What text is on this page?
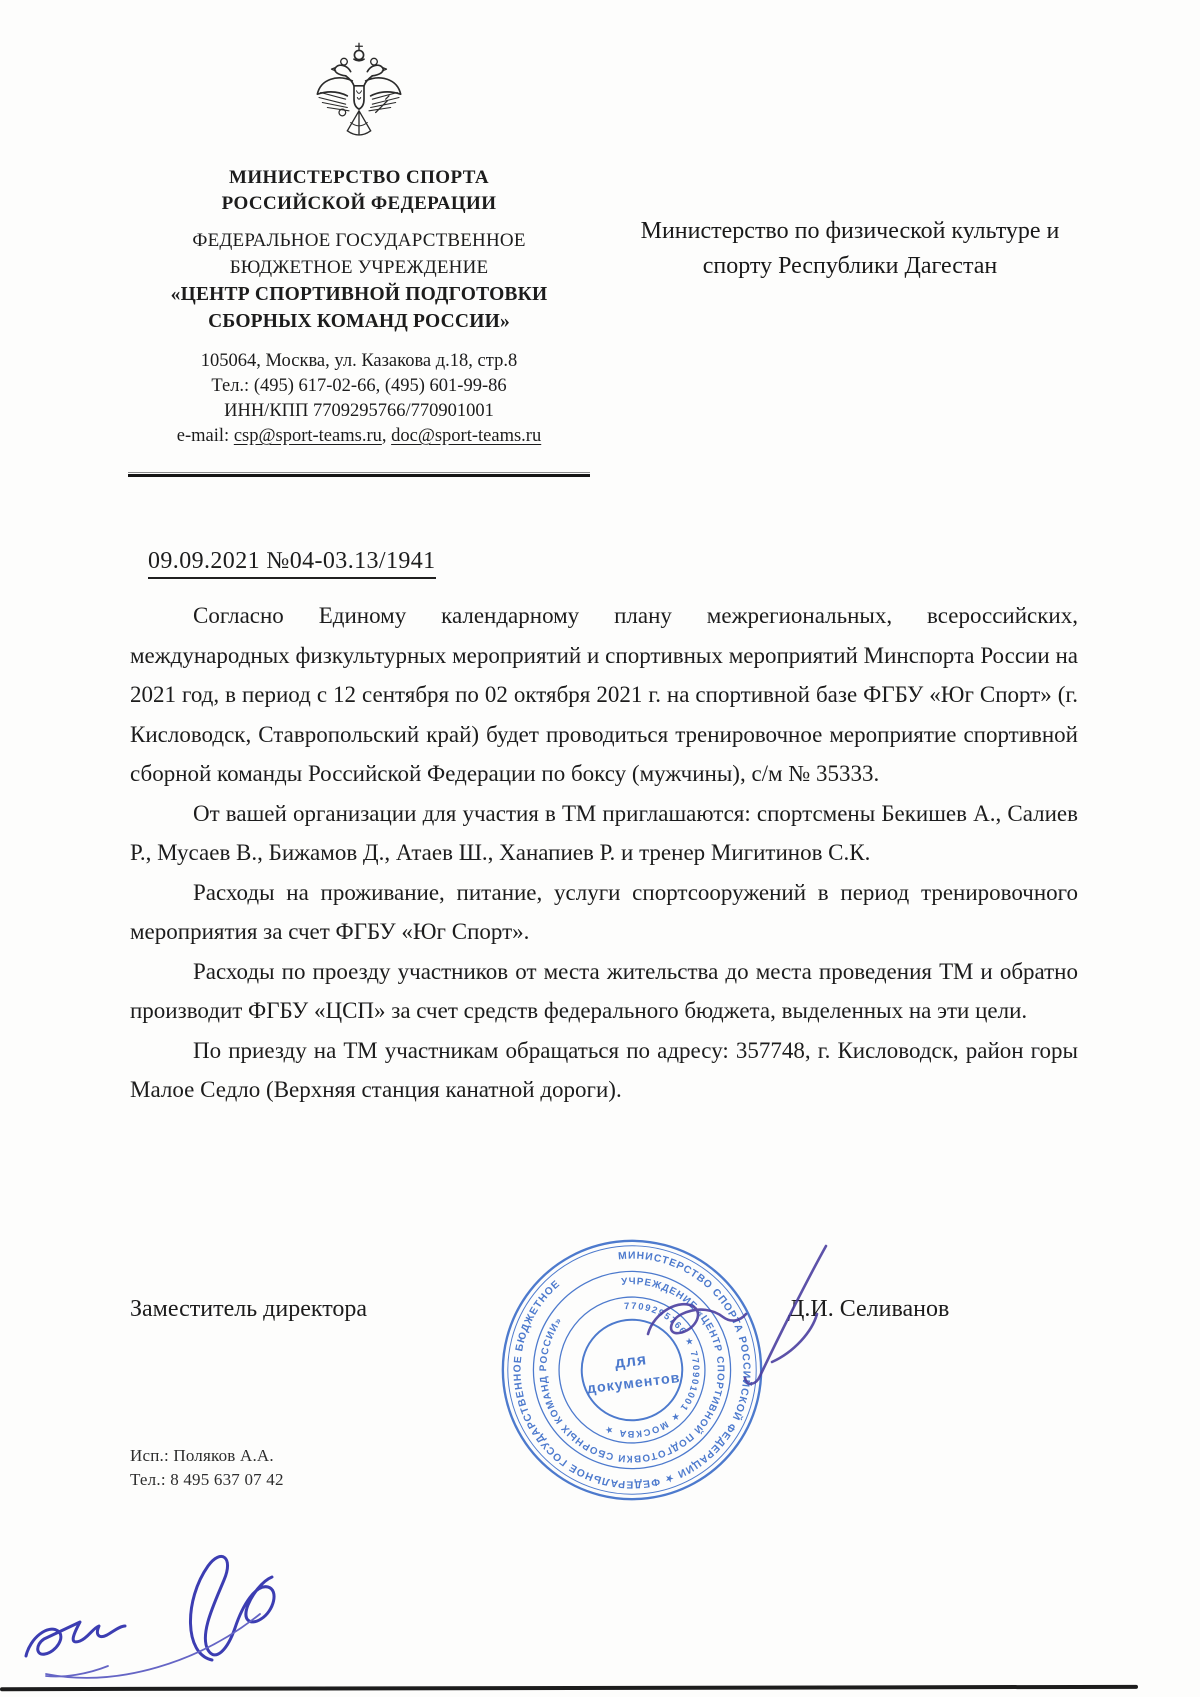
МИНИСТЕРСТВО СПОРТА
РОССИЙСКОЙ ФЕДЕРАЦИИ
ФЕДЕРАЛЬНОЕ ГОСУДАРСТВЕННОЕ
БЮДЖЕТНОЕ УЧРЕЖДЕНИЕ
«ЦЕНТР СПОРТИВНОЙ ПОДГОТОВКИ
СБОРНЫХ КОМАНД РОССИИ»
105064, Москва, ул. Казакова д.18, стр.8
Тел.: (495) 617-02-66, (495) 601-99-86
ИНН/КПП 7709295766/770901001
e-mail: csp@sport-teams.ru, doc@sport-teams.ru
Министерство по физической культуре и спорту Республики Дагестан
09.09.2021 №04-03.13/1941

Согласно Единому календарному плану межрегиональных, всероссийских, международных физкультурных мероприятий и спортивных мероприятий Минспорта России на 2021 год, в период с 12 сентября по 02 октября 2021 г. на спортивной базе ФГБУ «Юг Спорт» (г. Кисловодск, Ставропольский край) будет проводиться тренировочное мероприятие спортивной сборной команды Российской Федерации по боксу (мужчины), с/м № 35333.

От вашей организации для участия в ТМ приглашаются: спортсмены Бекишев А., Салиев Р., Мусаев В., Бижамов Д., Атаев Ш., Ханапиев Р. и тренер Мигитинов С.К.

Расходы на проживание, питание, услуги спортсооружений в период тренировочного мероприятия за счет ФГБУ «Юг Спорт».

Расходы по проезду участников от места жительства до места проведения ТМ и обратно производит ФГБУ «ЦСП» за счет средств федерального бюджета, выделенных на эти цели.

По приезду на ТМ участникам обращаться по адресу: 357748, г. Кисловодск, район горы Малое Седло (Верхняя станция канатной дороги).

Заместитель директора	Д.И. Селиванов
МИНИСТЕРСТВО СПОРТА РОССИЙСКОЙ ФЕДЕРАЦИИ ★ ФЕДЕРАЛЬНОЕ ГОСУДАРСТВЕННОЕ БЮДЖЕТНОЕ	УЧРЕЖДЕНИЕ «ЦЕНТР СПОРТИВНОЙ ПОДГОТОВКИ СБОРНЫХ КОМАНД РОССИИ»
7709295766 ★ 770901001 ★ МОСКВА ★
для
документов
Исп.: Поляков А.А.
Тел.: 8 495 637 07 42
